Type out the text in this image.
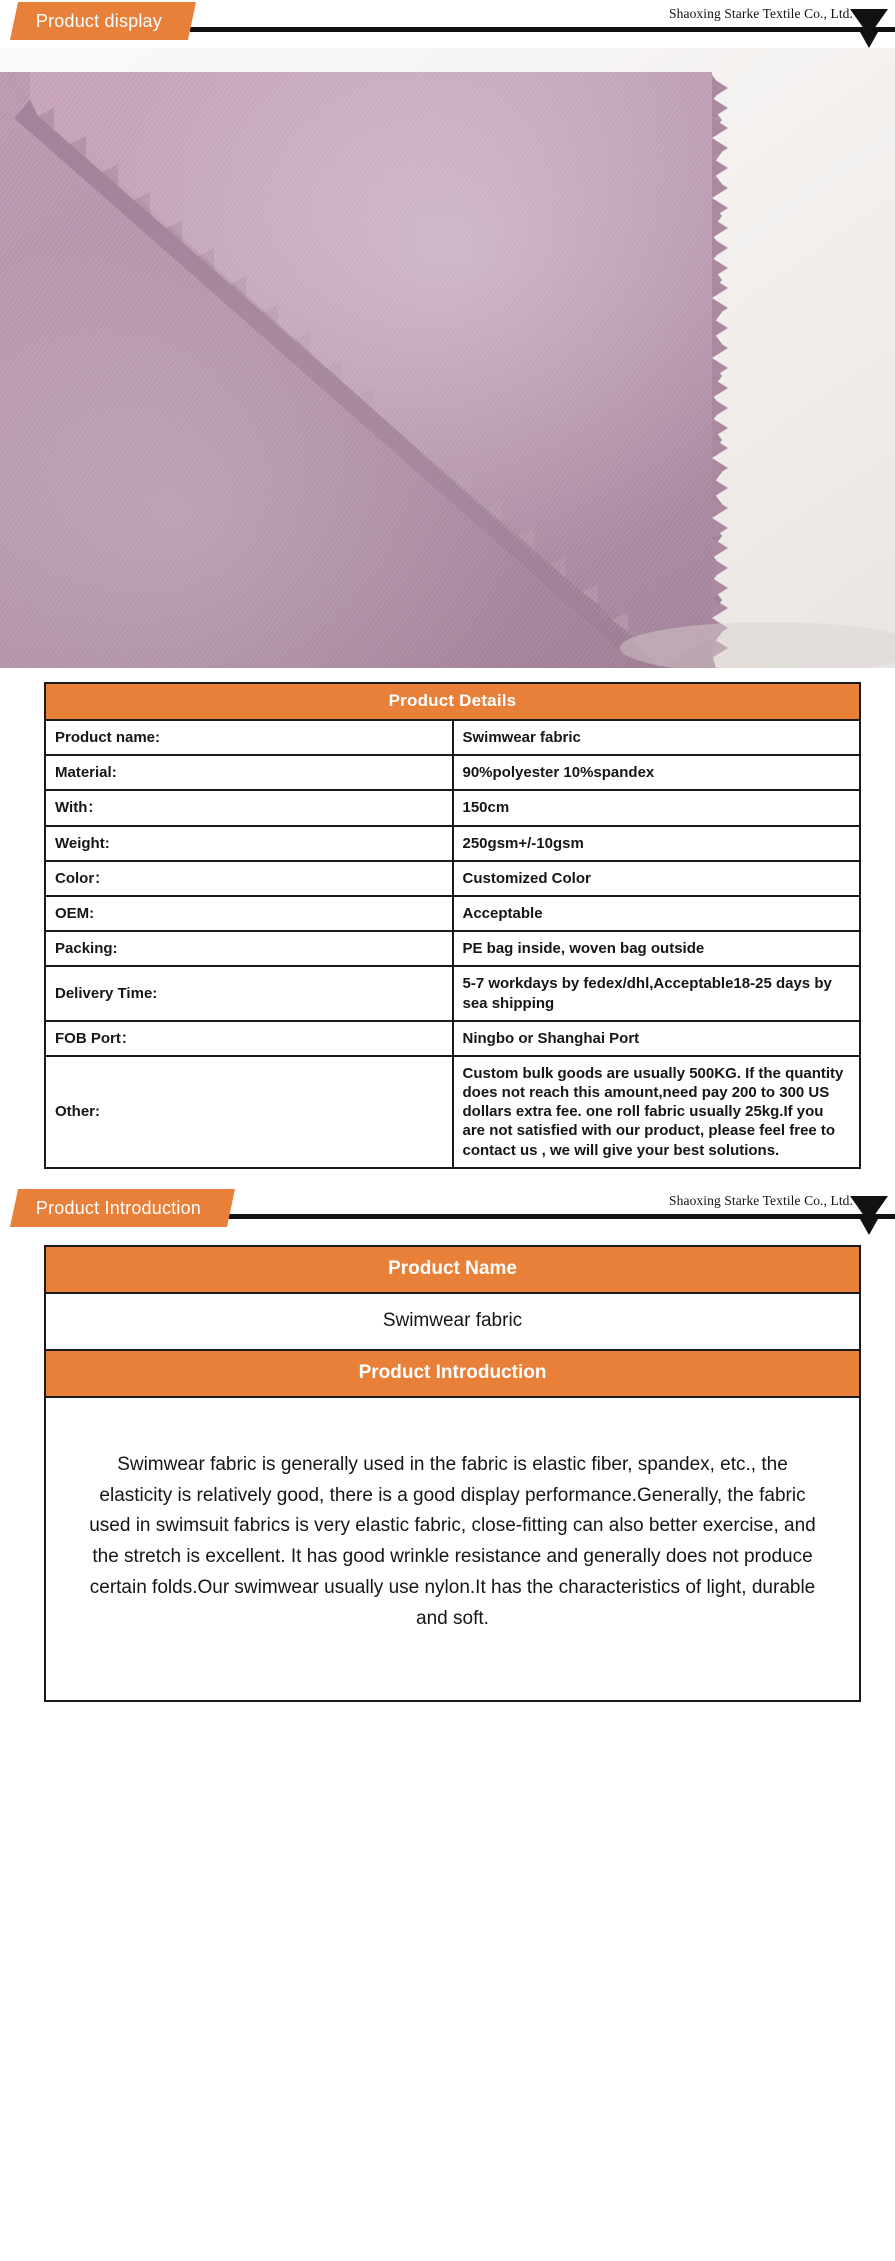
Product display	Shaoxing Starke Textile Co., Ltd.
Product Details	
Product name:	Swimwear fabric
Material:	90%polyester 10%spandex
With：	150cm
Weight:	250gsm+/-10gsm
Color：	Customized Color
OEM:	Acceptable
Packing:	PE bag inside, woven bag outside
Delivery Time:	5-7 workdays by fedex/dhl,Acceptable18-25 days by sea shipping
FOB Port：	Ningbo or Shanghai Port
Other:	Custom bulk goods are usually 500KG. If the quantity does not reach this amount,need pay 200 to 300 US dollars extra fee. one roll fabric usually 25kg.If you are not satisfied with our product, please feel free to contact us , we will give your best solutions.
Product Introduction	Shaoxing Starke Textile Co., Ltd.
Product Name
Swimwear fabric
Product Introduction
Swimwear fabric is generally used in the fabric is elastic fiber, spandex, etc., the elasticity is relatively good, there is a good display performance.Generally, the fabric used in swimsuit fabrics is very elastic fabric, close-fitting can also better exercise, and the stretch is excellent. It has good wrinkle resistance and generally does not produce certain folds.Our swimwear usually use nylon.It has the characteristics of light, durable and soft.
